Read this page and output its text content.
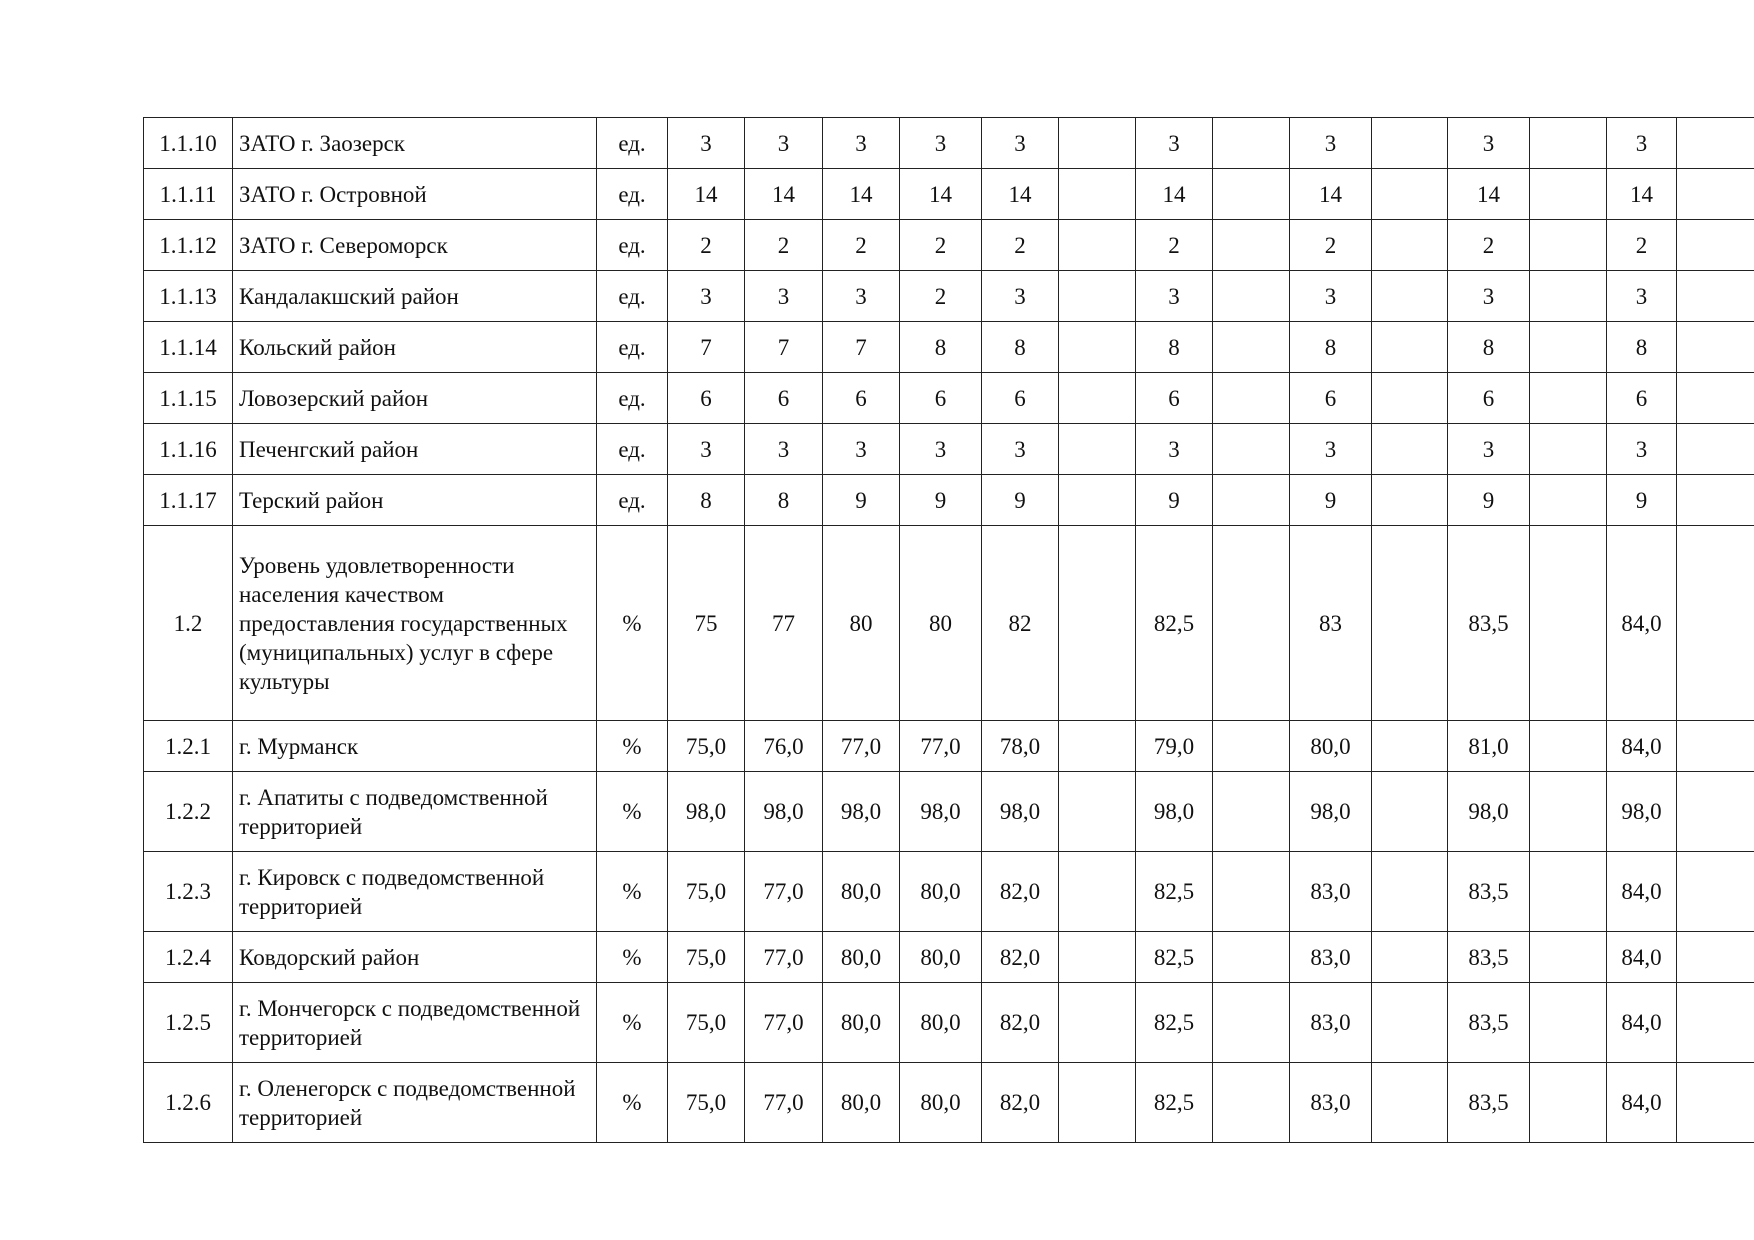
1.1.10	ЗАТО г. Заозерск	ед.	3	3	3	3	3		3		3		3		3	
1.1.11	ЗАТО г. Островной	ед.	14	14	14	14	14		14		14		14		14	
1.1.12	ЗАТО г. Североморск	ед.	2	2	2	2	2		2		2		2		2	
1.1.13	Кандалакшский район	ед.	3	3	3	2	3		3		3		3		3	
1.1.14	Кольский район	ед.	7	7	7	8	8		8		8		8		8	
1.1.15	Ловозерский район	ед.	6	6	6	6	6		6		6		6		6	
1.1.16	Печенгский район	ед.	3	3	3	3	3		3		3		3		3	
1.1.17	Терский район	ед.	8	8	9	9	9		9		9		9		9	
1.2	Уровень удовлетворенности населения качеством предоставления государственных (муниципальных) услуг в сфере культуры	%	75	77	80	80	82		82,5		83		83,5		84,0	
1.2.1	г. Мурманск	%	75,0	76,0	77,0	77,0	78,0		79,0		80,0		81,0		84,0	
1.2.2	г. Апатиты с подведомственной территорией	%	98,0	98,0	98,0	98,0	98,0		98,0		98,0		98,0		98,0	
1.2.3	г. Кировск с подведомственной территорией	%	75,0	77,0	80,0	80,0	82,0		82,5		83,0		83,5		84,0	
1.2.4	Ковдорский район	%	75,0	77,0	80,0	80,0	82,0		82,5		83,0		83,5		84,0	
1.2.5	г. Мончегорск с подведомственной территорией	%	75,0	77,0	80,0	80,0	82,0		82,5		83,0		83,5		84,0	
1.2.6	г. Оленегорск с подведомственной территорией	%	75,0	77,0	80,0	80,0	82,0		82,5		83,0		83,5		84,0	
